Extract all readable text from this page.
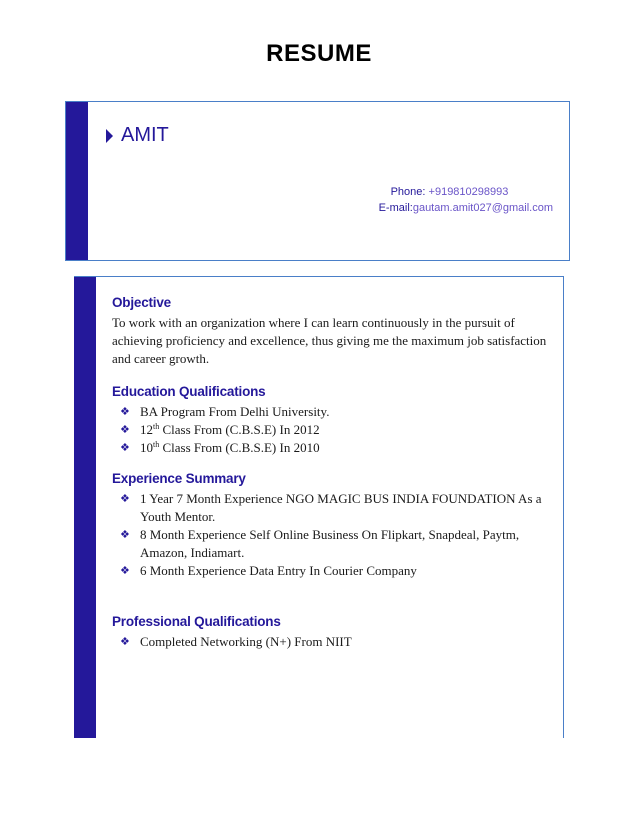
RESUME
AMIT
Phone: +919810298993
E-mail:gautam.amit027@gmail.com
Objective

To work with an organization where I can learn continuously in the pursuit of achieving proficiency and excellence, thus giving me the maximum job satisfaction and career growth.

Education Qualifications
❖ BA Program From Delhi University.
❖ 12th Class From (C.B.S.E) In 2012
❖ 10th Class From (C.B.S.E) In 2010
Experience Summary
❖ 1 Year 7 Month Experience NGO MAGIC BUS INDIA FOUNDATION As a Youth Mentor.
❖ 8 Month Experience Self Online Business On Flipkart, Snapdeal, Paytm, Amazon, Indiamart.
❖ 6 Month Experience Data Entry In Courier Company
Professional Qualifications
❖ Completed Networking (N+) From NIIT
